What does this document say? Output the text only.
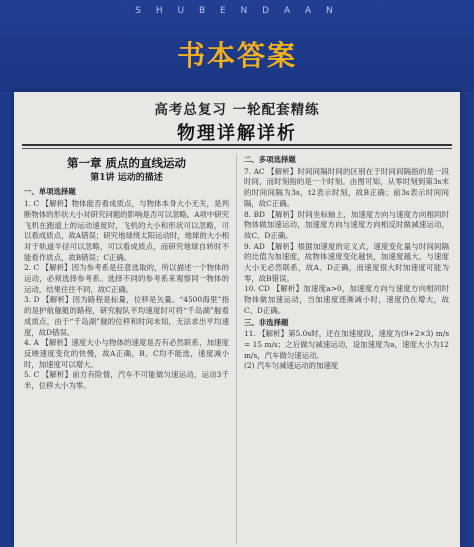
S H U B E N D A A N
书本答案
高考总复习 一轮配套精练
物理详解详析
第一章 质点的直线运动
第1讲 运动的描述
一、单项选择题

1. C 【解析】物体能否看成质点，与物体本身大小无关，是判断物体的形状大小对研究问题的影响是否可以忽略。A项中研究飞机在跑道上的运动速度时，飞机的大小和形状可以忽略，可以看成质点，故A错误；研究地球绕太阳运动时，地球的大小相对于轨道半径可以忽略，可以看成质点，而研究地球自转时不能看作质点，故B错误；C正确。

2. C 【解析】因为参考系是任意选取的，所以描述一个物体的运动，必须选择参考系。选择不同的参考系来观察同一物体的运动，结果往往不同，故C正确。

3. D 【解析】因为路程是标量，位移是矢量。“4500海里”指的是护航舰艇的路程，研究舰队平均速度时可将“千岛湖”舰看成质点，由于“千岛湖”舰的位移和时间未知，无法求出平均速度，故D错误。

4. A 【解析】速度大小与物体的速度是否有必然联系，加速度反映速度变化的快慢，故A正确，B、C均不能选，速度减小时，加速度可以增大。

5. C 【解析】前方有险情，汽车不可能做匀速运动，运动3千米，位移大小为零。

二、多项选择题

7. AC 【解析】时间间隔时间的区别在于时间间隔指的是一段时间，而时刻指的是一个时刻。由图可知，从零时刻到第3s末的时间间隔为3s，t2表示时刻，故B正确；前3s表示时间间隔，故C正确。

8. BD 【解析】时间坐标轴上，加速度方向与速度方向相同时物体做加速运动，加速度方向与速度方向相反时做减速运动，故C、D正确。

9. AD 【解析】根据加速度的定义式，速度变化量与时间间隔的比值为加速度，故物体速度变化越快，加速度越大，与速度大小无必然联系，故A、D正确，而速度很大时加速度可能为零，故B错误。

10. CD 【解析】加速度a>0，加速度方向与速度方向相同时物体做加速运动，当加速度逐渐减小时，速度仍在增大，故C、D正确。

三、非选择题

11. 【解析】第5.0s时，还在加速度段，速度为(9+2×3) m/s = 15 m/s；之后做匀减速运动，设加速度为a，速度大小为12 m/s，汽车做匀速运动。

(2) 汽车匀减速运动的加速度
